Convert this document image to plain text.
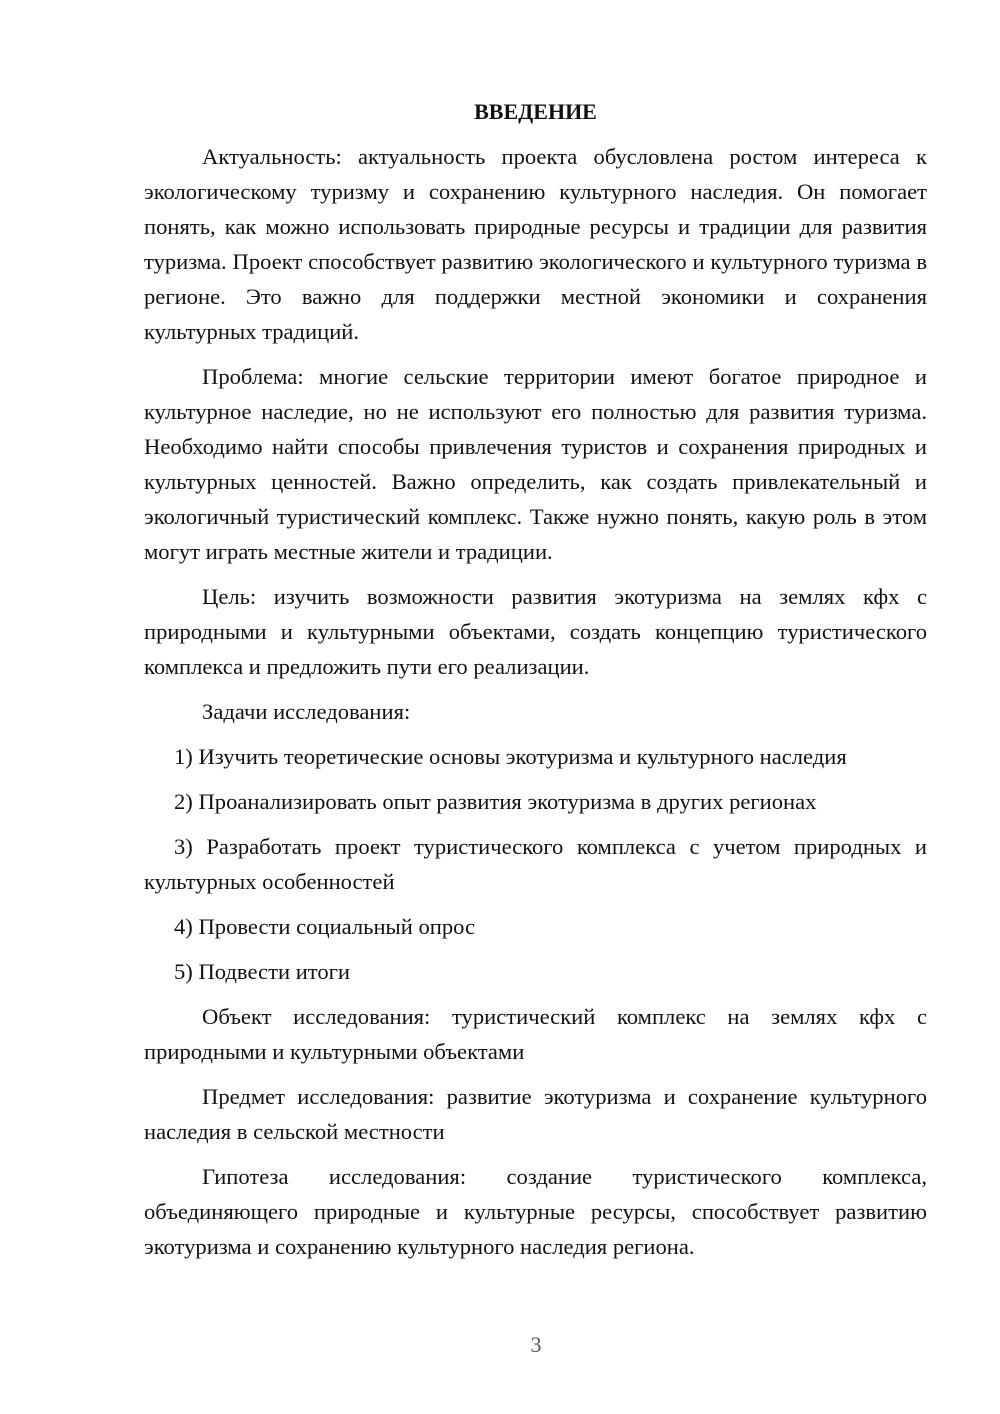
ВВЕДЕНИЕ

Актуальность: актуальность проекта обусловлена ростом интереса к экологическому туризму и сохранению культурного наследия. Он помогает понять, как можно использовать природные ресурсы и традиции для развития туризма. Проект способствует развитию экологического и культурного туризма в регионе. Это важно для поддержки местной экономики и сохранения культурных традиций.

Проблема: многие сельские территории имеют богатое природное и культурное наследие, но не используют его полностью для развития туризма. Необходимо найти способы привлечения туристов и сохранения природных и культурных ценностей. Важно определить, как создать привлекательный и экологичный туристический комплекс. Также нужно понять, какую роль в этом могут играть местные жители и традиции.

Цель: изучить возможности развития экотуризма на землях кфх с природными и культурными объектами, создать концепцию туристического комплекса и предложить пути его реализации.

Задачи исследования:

1) Изучить теоретические основы экотуризма и культурного наследия

2) Проанализировать опыт развития экотуризма в других регионах

3) Разработать проект туристического комплекса с учетом природных и культурных особенностей

4) Провести социальный опрос

5) Подвести итоги

Объект исследования: туристический комплекс на землях кфх с природными и культурными объектами

Предмет исследования: развитие экотуризма и сохранение культурного наследия в сельской местности

Гипотеза исследования: создание туристического комплекса, объединяющего природные и культурные ресурсы, способствует развитию экотуризма и сохранению культурного наследия региона.

3
